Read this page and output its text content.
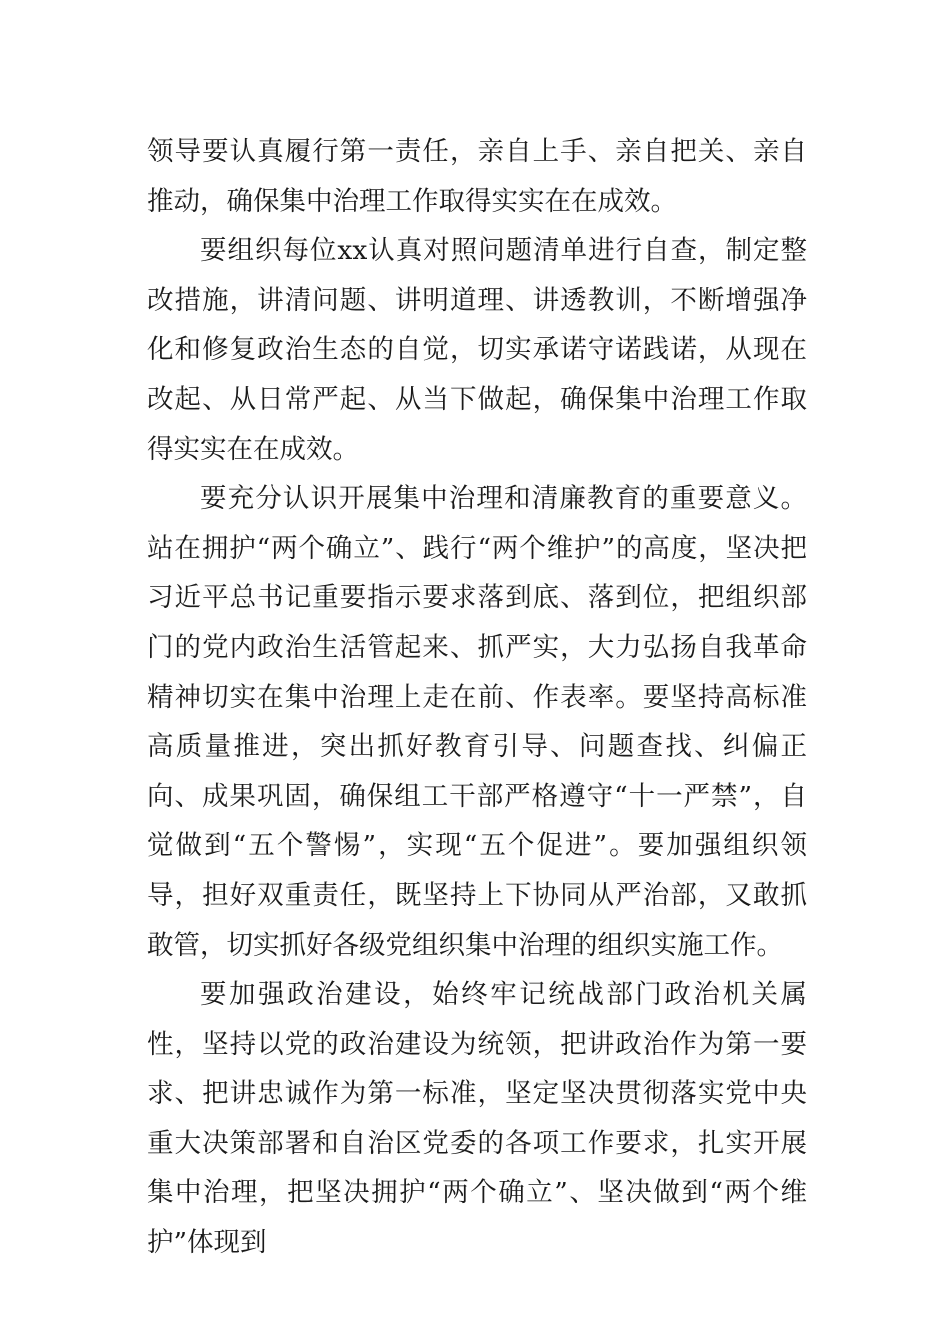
领导要认真履行第一责任，亲自上手、亲自把关、亲自推动，确保集中治理工作取得实实在在成效。

要组织每位xx认真对照问题清单进行自查，制定整改措施，讲清问题、讲明道理、讲透教训，不断增强净化和修复政治生态的自觉，切实承诺守诺践诺，从现在改起、从日常严起、从当下做起，确保集中治理工作取得实实在在成效。

要充分认识开展集中治理和清廉教育的重要意义。站在拥护“两个确立”、践行“两个维护”的高度，坚决把习近平总书记重要指示要求落到底、落到位，把组织部门的党内政治生活管起来、抓严实，大力弘扬自我革命精神切实在集中治理上走在前、作表率。要坚持高标准高质量推进，突出抓好教育引导、问题查找、纠偏正向、成果巩固，确保组工干部严格遵守“十一严禁”，自觉做到“五个警惕”，实现“五个促进”。要加强组织领导，担好双重责任，既坚持上下协同从严治部，又敢抓敢管，切实抓好各级党组织集中治理的组织实施工作。

要加强政治建设，始终牢记统战部门政治机关属性，坚持以党的政治建设为统领，把讲政治作为第一要求、把讲忠诚作为第一标准，坚定坚决贯彻落实党中央重大决策部署和自治区党委的各项工作要求，扎实开展集中治理，把坚决拥护“两个确立”、坚决做到“两个维护”体现到
